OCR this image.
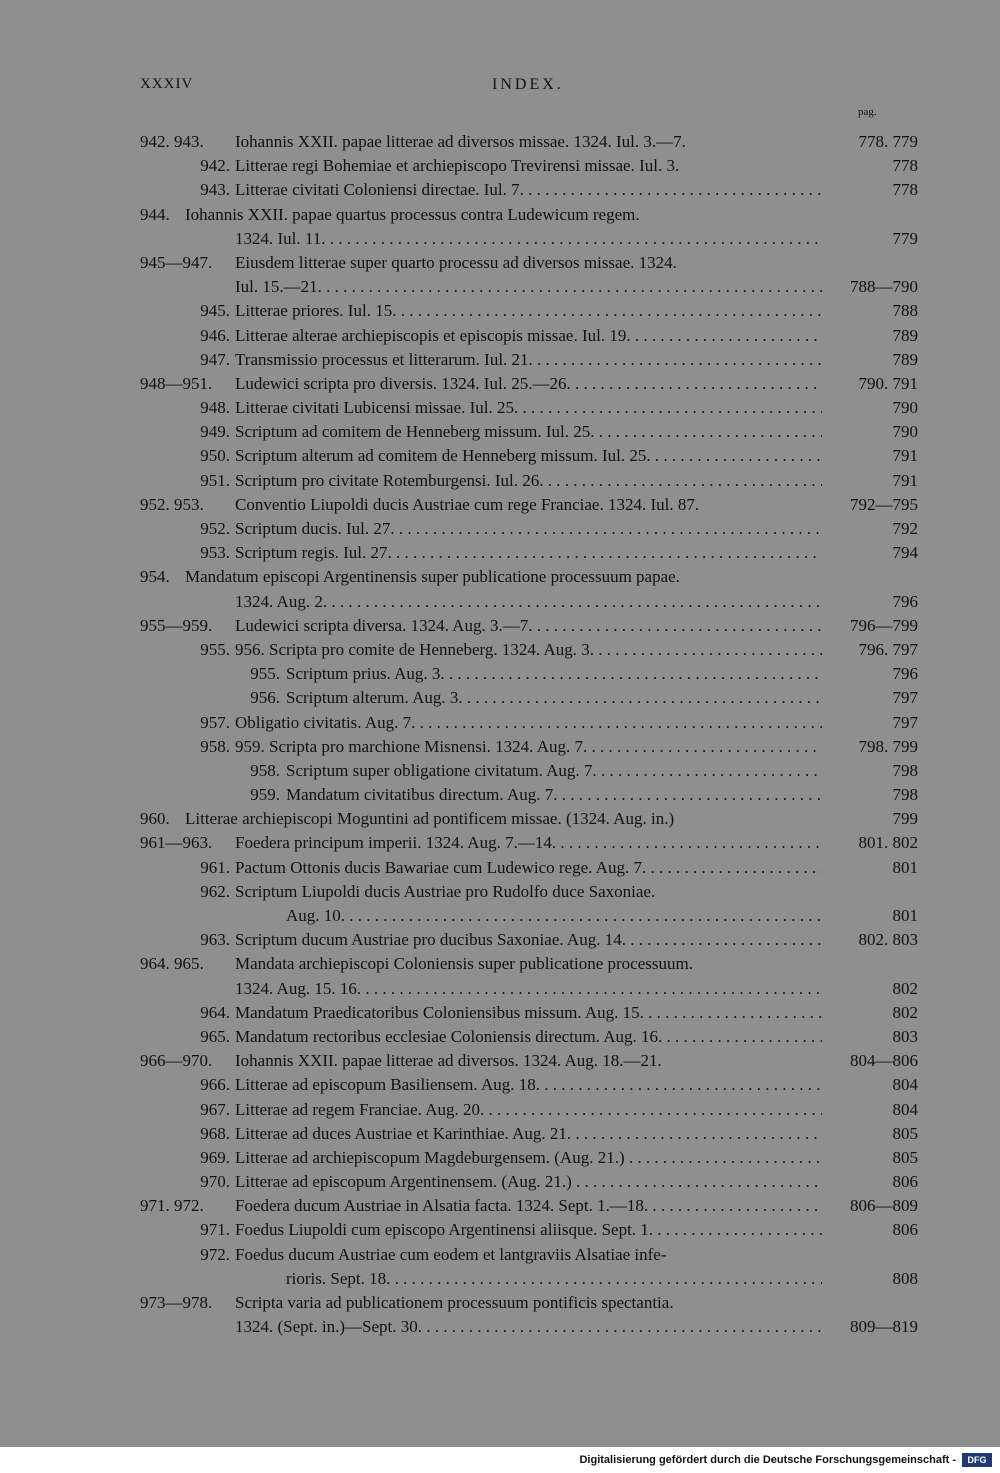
XXXIV	INDEX.
pag.
942. 943. Iohannis XXII. papae litterae ad diversos missae. 1324. Iul. 3.—7.	778. 779
942. Litterae regi Bohemiae et archiepiscopo Trevirensi missae. Iul. 3.	778
943. Litterae civitati Coloniensi directae. Iul. 7. . . .	778
944. Iohannis XXII. papae quartus processus contra Ludewicum regem.
1324. Iul. 11. . . .	779
945—947. Eiusdem litterae super quarto processu ad diversos missae. 1324.
Iul. 15.—21. . . .	788—790
945. Litterae priores. Iul. 15. . . .	788
946. Litterae alterae archiepiscopis et episcopis missae. Iul. 19. . . .	789
947. Transmissio processus et litterarum. Iul. 21. . . .	789
948—951. Ludewici scripta pro diversis. 1324. Iul. 25.—26. . . .	790. 791
948. Litterae civitati Lubicensi missae. Iul. 25. . . .	790
949. Scriptum ad comitem de Henneberg missum. Iul. 25. . . .	790
950. Scriptum alterum ad comitem de Henneberg missum. Iul. 25. . . .	791
951. Scriptum pro civitate Rotemburgensi. Iul. 26. . . .	791
952. 953. Conventio Liupoldi ducis Austriae cum rege Franciae. 1324. Iul. 87.	792—795
952. Scriptum ducis. Iul. 27. . . .	792
953. Scriptum regis. Iul. 27. . . .	794
954. Mandatum episcopi Argentinensis super publicatione processuum papae.
1324. Aug. 2. . . .	796
955—959. Ludewici scripta diversa. 1324. Aug. 3.—7. . . .	796—799
955. 956. Scripta pro comite de Henneberg. 1324. Aug. 3. . . .	796. 797
955. Scriptum prius. Aug. 3. . . .	796
956. Scriptum alterum. Aug. 3. . . .	797
957. Obligatio civitatis. Aug. 7. . . .	797
958. 959. Scripta pro marchione Misnensi. 1324. Aug. 7. . . .	798. 799
958. Scriptum super obligatione civitatum. Aug. 7. . . .	798
959. Mandatum civitatibus directum. Aug. 7. . . .	798
960. Litterae archiepiscopi Moguntini ad pontificem missae. (1324. Aug. in.)	799
961—963. Foedera principum imperii. 1324. Aug. 7.—14. . . .	801. 802
961. Pactum Ottonis ducis Bawariae cum Ludewico rege. Aug. 7. . . .	801
962. Scriptum Liupoldi ducis Austriae pro Rudolfo duce Saxoniae.
Aug. 10. . . .	801
963. Scriptum ducum Austriae pro ducibus Saxoniae. Aug. 14. . . .	802. 803
964. 965. Mandata archiepiscopi Coloniensis super publicatione processuum.
1324. Aug. 15. 16. . . .	802
964. Mandatum Praedicatoribus Coloniensibus missum. Aug. 15. . . .	802
965. Mandatum rectoribus ecclesiae Coloniensis directum. Aug. 16. . . .	803
966—970. Iohannis XXII. papae litterae ad diversos. 1324. Aug. 18.—21.	804—806
966. Litterae ad episcopum Basiliensem. Aug. 18. . . .	804
967. Litterae ad regem Franciae. Aug. 20. . . .	804
968. Litterae ad duces Austriae et Karinthiae. Aug. 21. . . .	805
969. Litterae ad archiepiscopum Magdeburgensem. (Aug. 21.) . . .	805
970. Litterae ad episcopum Argentinensem. (Aug. 21.) . . .	806
971. 972. Foedera ducum Austriae in Alsatia facta. 1324. Sept. 1.—18. . . .	806—809
971. Foedus Liupoldi cum episcopo Argentinensi aliisque. Sept. 1. . . .	806
972. Foedus ducum Austriae cum eodem et lantgraviis Alsatiae infe-
rioris. Sept. 18. . . .	808
973—978. Scripta varia ad publicationem processuum pontificis spectantia.
1324. (Sept. in.)—Sept. 30. . . .	809—819
Digitalisierung gefördert durch die Deutsche Forschungsgemeinschaft -	DFG
